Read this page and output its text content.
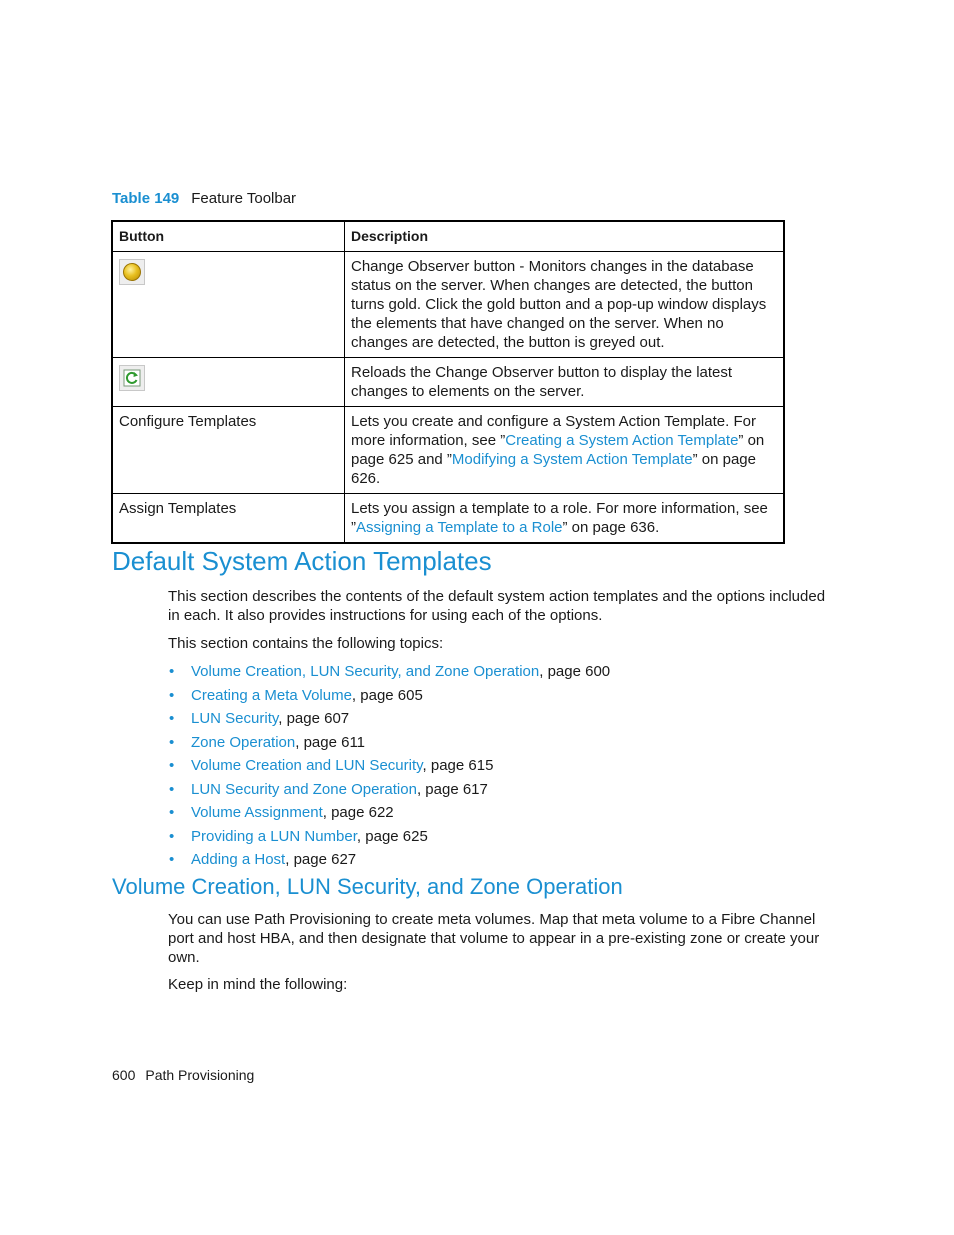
Table 149 Feature Toolbar
Button	Description

	Change Observer button - Monitors changes in the database status on the server. When changes are detected, the button turns gold. Click the gold button and a pop-up window displays the elements that have changed on the server. When no changes are detected, the button is greyed out.

	Reloads the Change Observer button to display the latest changes to elements on the server.
Configure Templates	Lets you create and configure a System Action Template. For more information, see ”Creating a System Action Template” on page 625 and ”Modifying a System Action Template” on page 626.
Assign Templates	Lets you assign a template to a role. For more information, see ”Assigning a Template to a Role” on page 636.
Default System Action Templates

This section describes the contents of the default system action templates and the options included in each. It also provides instructions for using each of the options.

This section contains the following topics:

• Volume Creation, LUN Security, and Zone Operation, page 600
• Creating a Meta Volume, page 605
• LUN Security, page 607
• Zone Operation, page 611
• Volume Creation and LUN Security, page 615
• LUN Security and Zone Operation, page 617
• Volume Assignment, page 622
• Providing a LUN Number, page 625
• Adding a Host, page 627
Volume Creation, LUN Security, and Zone Operation

You can use Path Provisioning to create meta volumes. Map that meta volume to a Fibre Channel port and host HBA, and then designate that volume to appear in a pre-existing zone or create your own.

Keep in mind the following:

600 Path Provisioning
